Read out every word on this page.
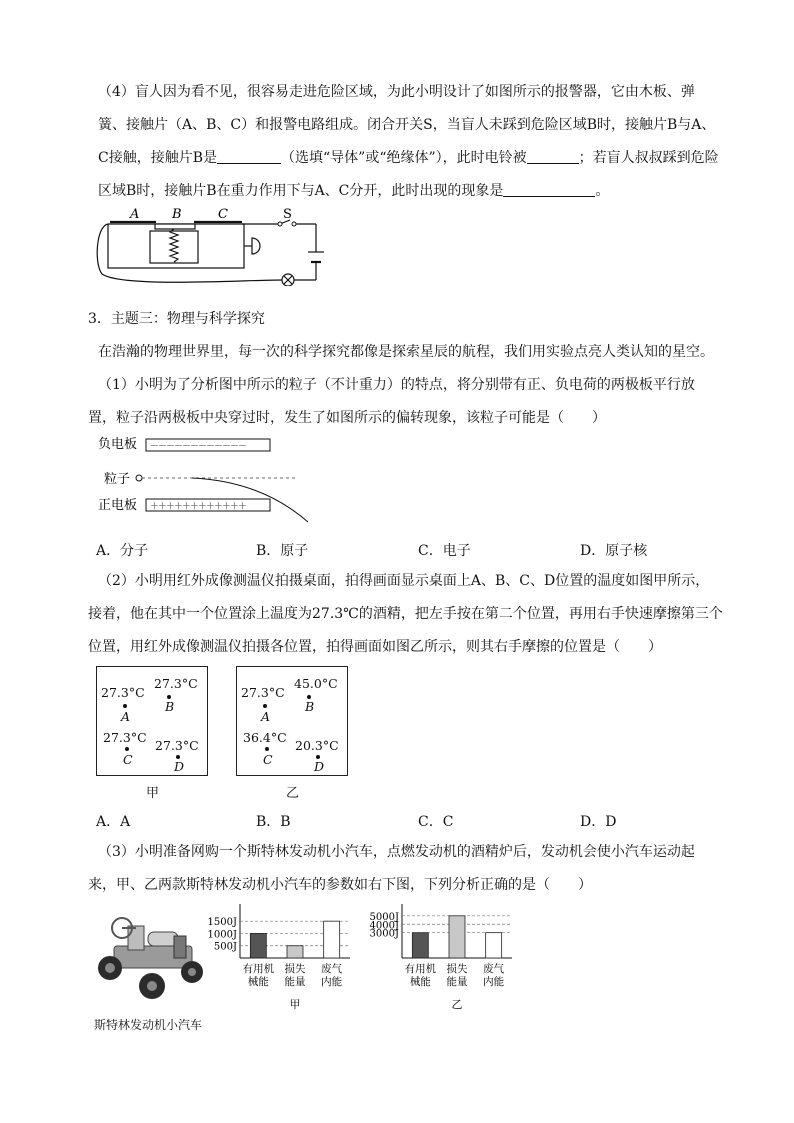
（4）盲人因为看不见，很容易走进危险区域，为此小明设计了如图所示的报警器，它由木板、弹

簧、接触片（A、B、C）和报警电路组成。闭合开关S，当盲人未踩到危险区域B时，接触片B与A、

C接触，接触片B是	（选填“导体”或“绝缘体”），此时电铃被	；若盲人叔叔踩到危险

区域B时，接触片B在重力作用下与A、C分开，此时出现的现象是	。

A	B	C	S

3．主题三：物理与科学探究

在浩瀚的物理世界里，每一次的科学探究都像是探索星辰的航程，我们用实验点亮人类认知的星空。

（1）小明为了分析图中所示的粒子（不计重力）的特点，将分别带有正、负电荷的两极板平行放

置，粒子沿两极板中央穿过时，发生了如图所示的偏转现象，该粒子可能是（　　）

负电板 －－－－－－－－－－－－
粒子
正电板 ＋＋＋＋＋＋＋＋＋＋＋＋
A．分子	B．原子	C．电子	D．原子核

（2）小明用红外成像测温仪拍摄桌面，拍得画面显示桌面上A、B、C、D位置的温度如图甲所示，

接着，他在其中一个位置涂上温度为27.3℃的酒精，把左手按在第二个位置，再用右手快速摩擦第三个

位置，用红外成像测温仪拍摄各位置，拍得画面如图乙所示，则其右手摩擦的位置是（　　）

27.3°C
A
27.3°C
B
27.3°C
C
27.3°C
D
甲
27.3°C
A
45.0°C
B
36.4°C
C
20.3°C
D
乙
A．A	B．B	C．C	D．D

（3）小明准备网购一个斯特林发动机小汽车，点燃发动机的酒精炉后，发动机会使小汽车运动起

来，甲、乙两款斯特林发动机小汽车的参数如右下图，下列分析正确的是（　　）

斯特林发动机小汽车
500J
1000J
1500J
有用机
械能
损失
能量
废气
内能
甲
3000J
4000J
5000J
有用机
械能
损失
能量
废气
内能
乙
